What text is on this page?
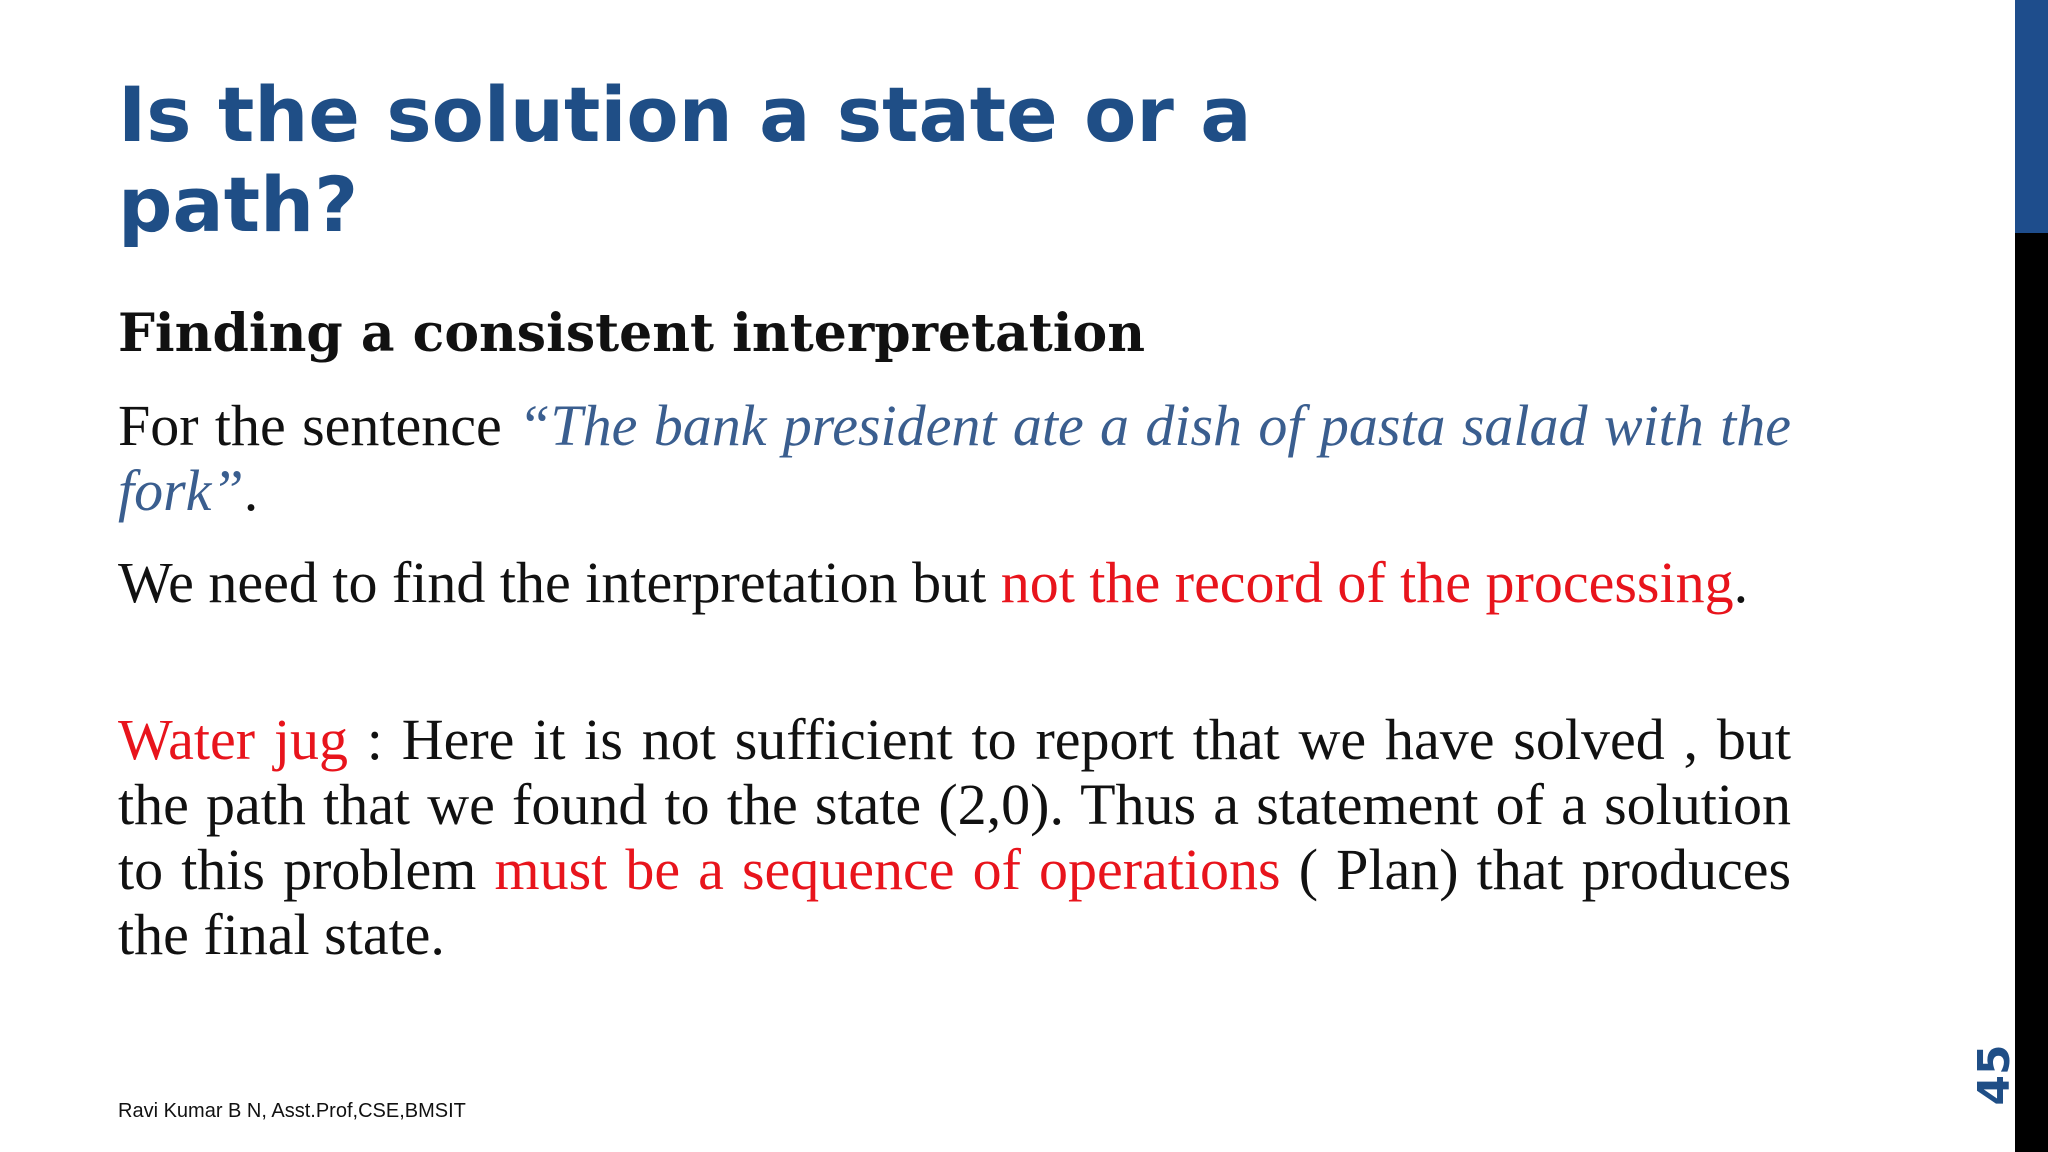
Is the solution a state or a path?

Finding a consistent interpretation

For the sentence “The bank president ate a dish of pasta salad with the fork”.

We need to find the interpretation but not the record of the processing.

Water jug : Here it is not sufficient to report that we have solved , but the path that we found to the state (2,0). Thus a statement of a solution to this problem must be a sequence of operations ( Plan) that produces the final state.

Ravi Kumar B N, Asst.Prof,CSE,BMSIT

45
